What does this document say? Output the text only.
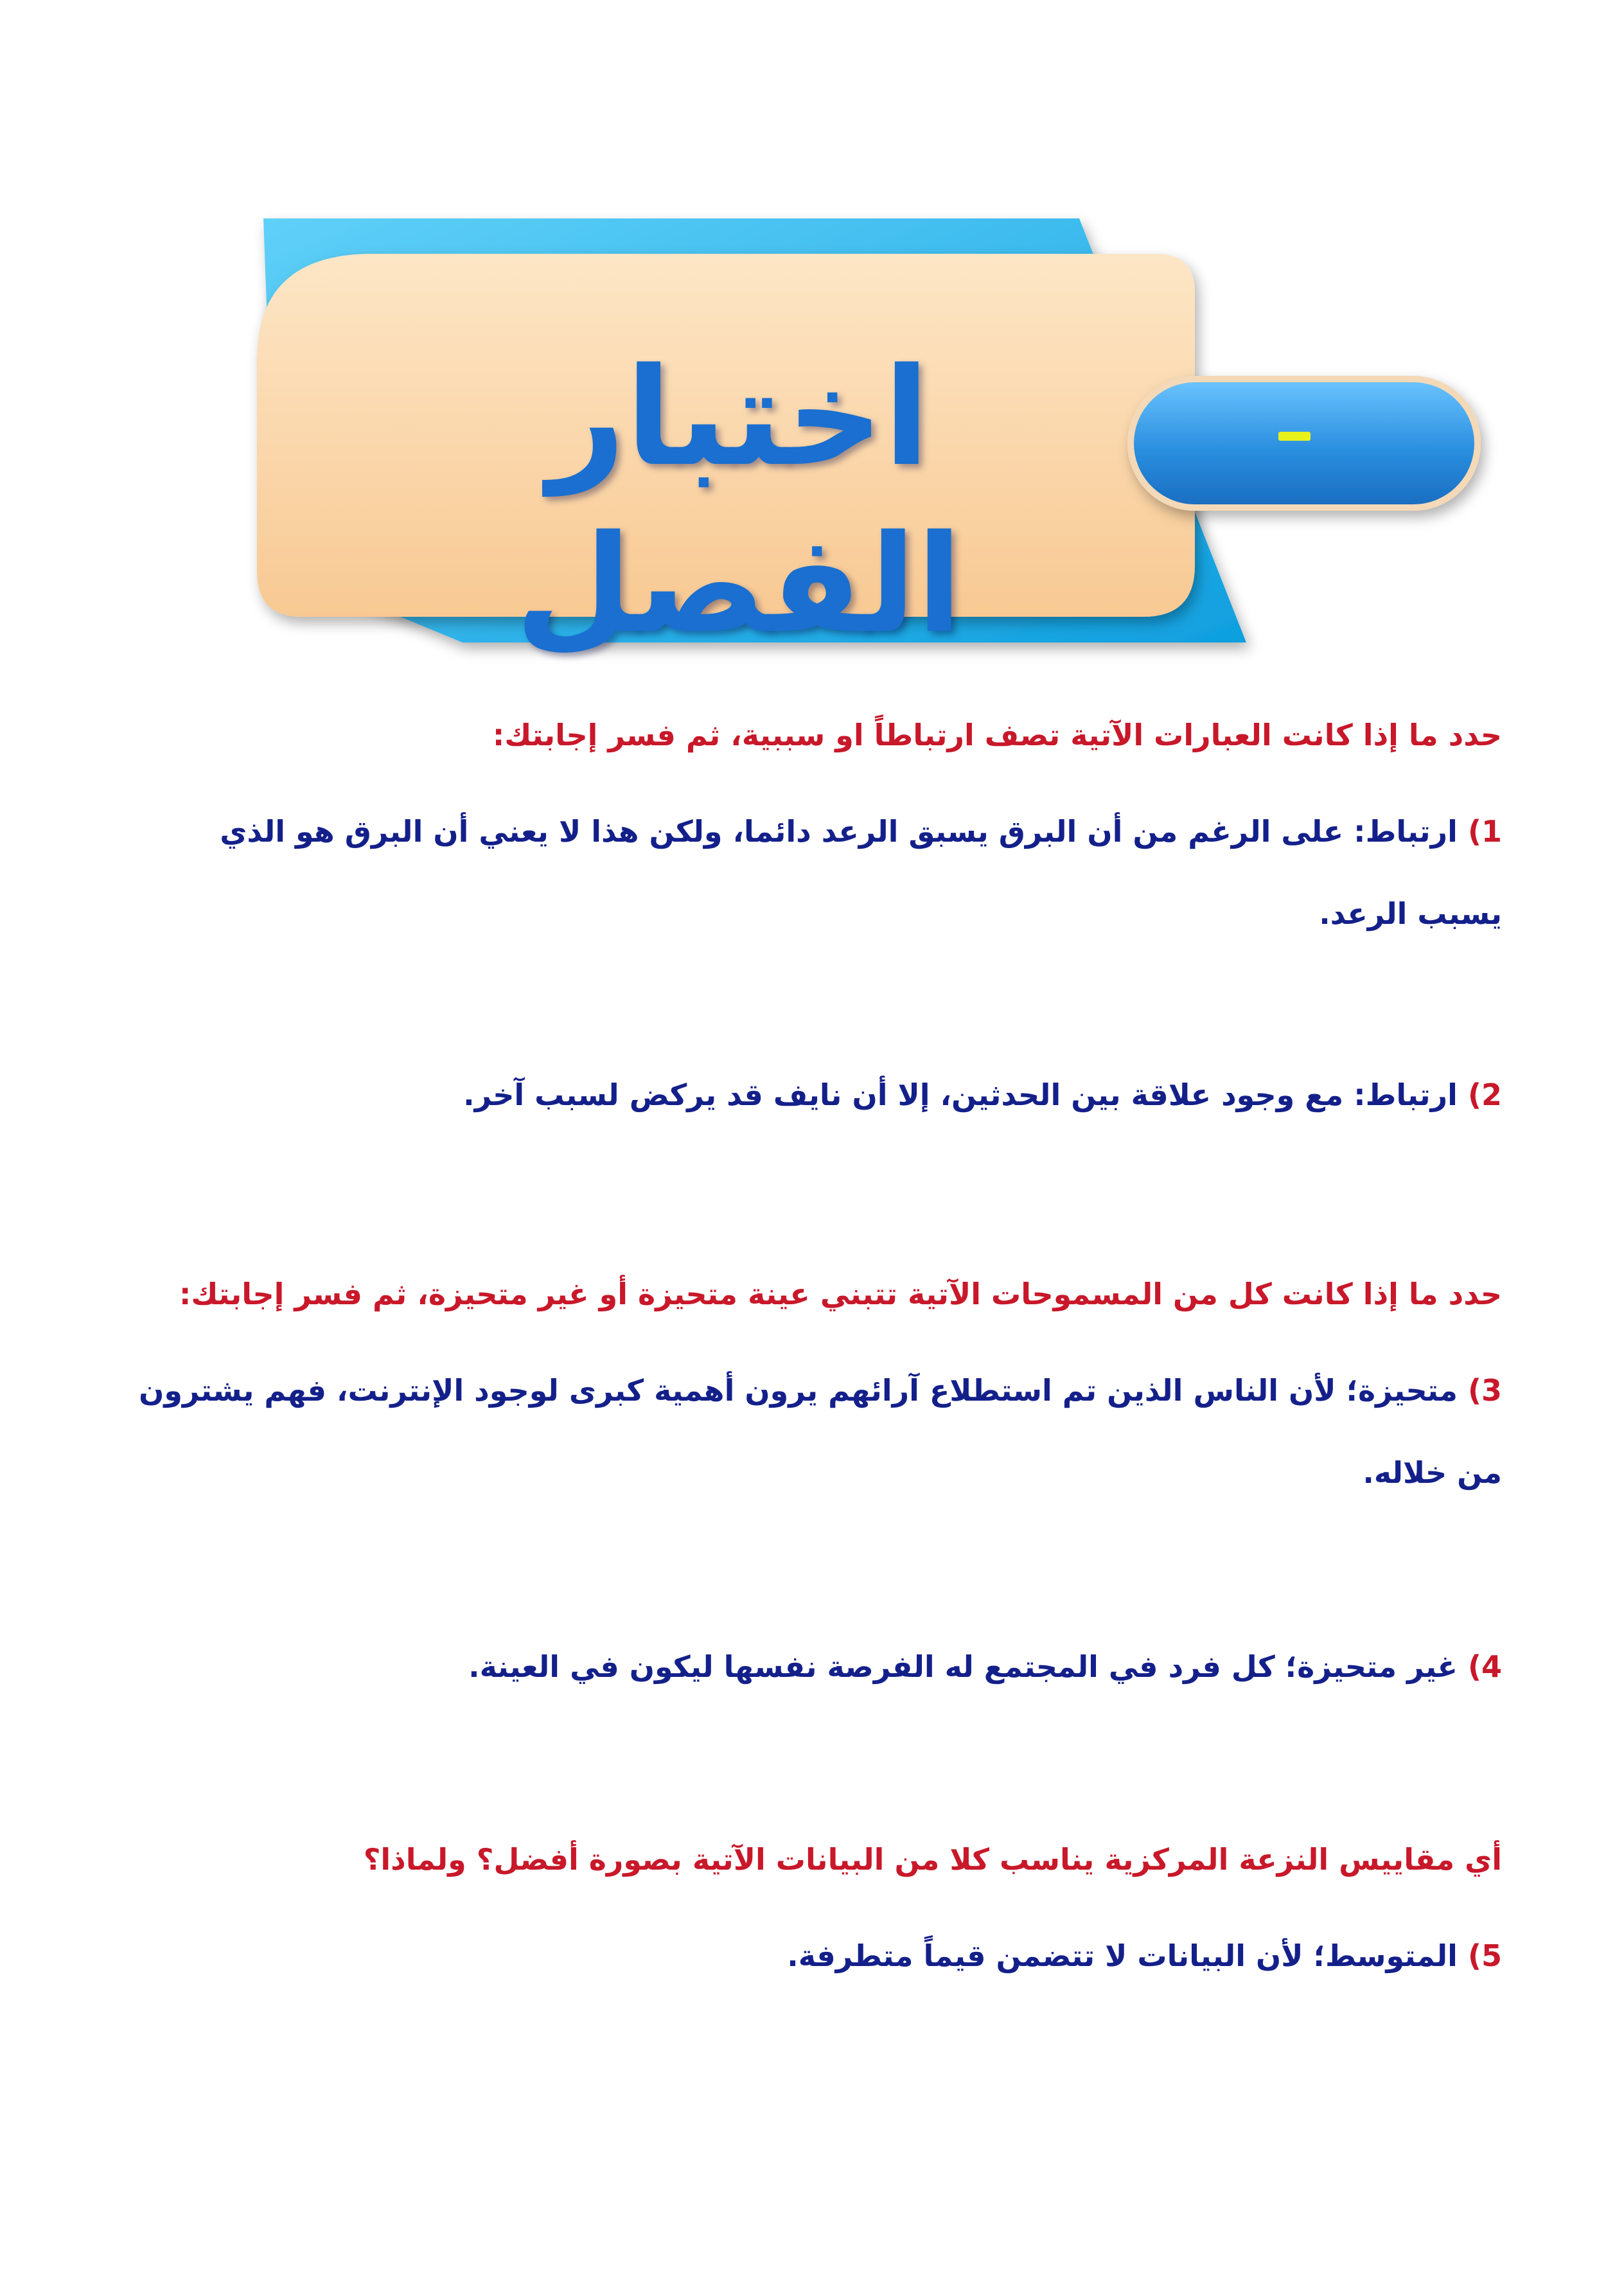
اختبار الفصل

حدد ما إذا كانت العبارات الآتية تصف ارتباطاً او سببية، ثم فسر إجابتك:

1) ارتباط: على الرغم من أن البرق يسبق الرعد دائما، ولكن هذا لا يعني أن البرق هو الذي يسبب الرعد.

2) ارتباط: مع وجود علاقة بين الحدثين، إلا أن نايف قد يركض لسبب آخر.

حدد ما إذا كانت كل من المسموحات الآتية تتبني عينة متحيزة أو غير متحيزة، ثم فسر إجابتك:

3) متحيزة؛ لأن الناس الذين تم استطلاع آرائهم يرون أهمية كبرى لوجود الإنترنت، فهم يشترون من خلاله.

4) غير متحيزة؛ كل فرد في المجتمع له الفرصة نفسها ليكون في العينة.

أي مقاييس النزعة المركزية يناسب كلا من البيانات الآتية بصورة أفضل؟ ولماذا؟

5) المتوسط؛ لأن البيانات لا تتضمن قيماً متطرفة.
